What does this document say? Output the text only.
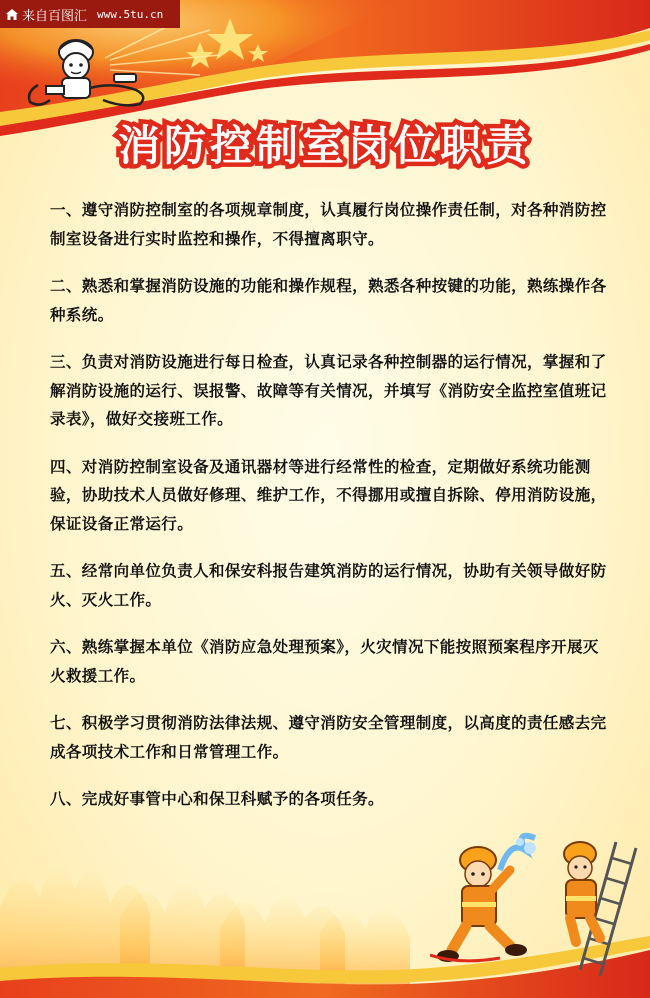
来自百图汇 www.5tu.cn
消防控制室岗位职责

一、遵守消防控制室的各项规章制度，认真履行岗位操作责任制，对各种消防控制室设备进行实时监控和操作，不得擅离职守。

二、熟悉和掌握消防设施的功能和操作规程，熟悉各种按键的功能，熟练操作各种系统。

三、负责对消防设施进行每日检查，认真记录各种控制器的运行情况，掌握和了解消防设施的运行、误报警、故障等有关情况，并填写《消防安全监控室值班记录表》，做好交接班工作。

四、对消防控制室设备及通讯器材等进行经常性的检查，定期做好系统功能测验，协助技术人员做好修理、维护工作，不得挪用或擅自拆除、停用消防设施，保证设备正常运行。

五、经常向单位负责人和保安科报告建筑消防的运行情况，协助有关领导做好防火、灭火工作。

六、熟练掌握本单位《消防应急处理预案》，火灾情况下能按照预案程序开展灭火救援工作。

七、积极学习贯彻消防法律法规、遵守消防安全管理制度，以高度的责任感去完成各项技术工作和日常管理工作。

八、完成好事管中心和保卫科赋予的各项任务。
